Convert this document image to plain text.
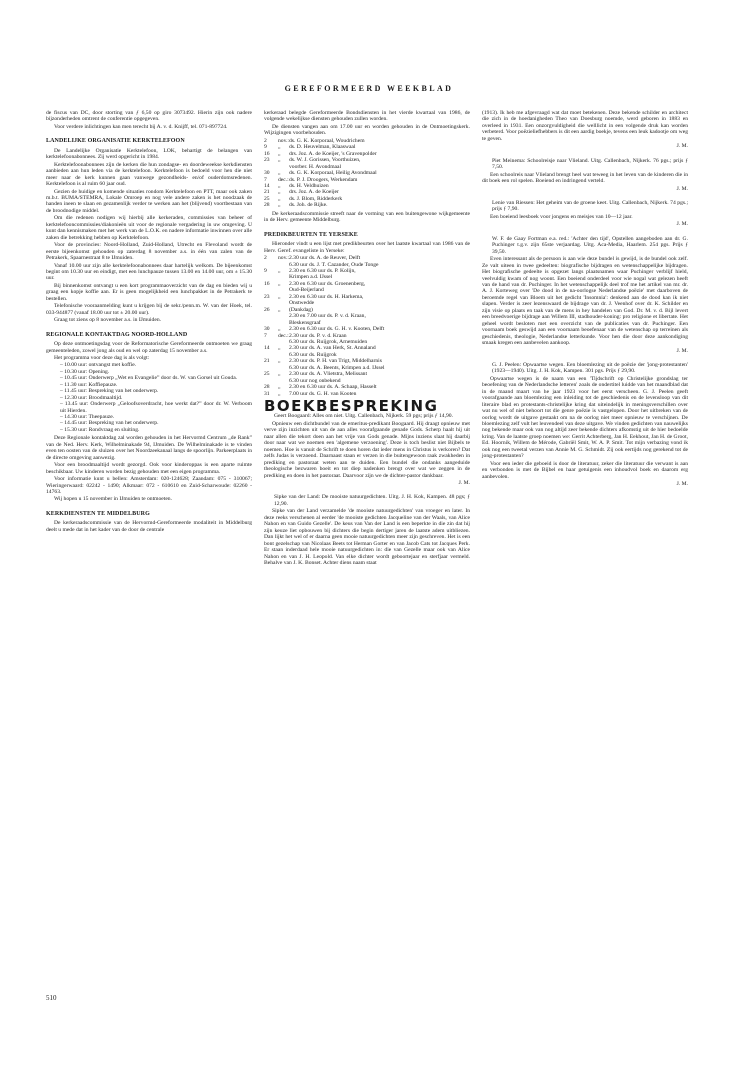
GEREFORMEERD WEEKBLAD

de fiscus van DC, door storting van ƒ 6,50 op giro 3073492. Hierin zijn ook nadere bijzonderheden omtrent de conferentie opgegeven.

Voor verdere inlichtingen kan men terecht bij A. v. d. Knijff, tel. 071-897724.

LANDELIJKE ORGANISATIE KERKTELEFOON

De Landelijke Organisatie Kerktelefoon, LOK, behartigt de belangen van kerktelefoonabonnees. Zij werd opgericht in 1984.

Kerktelefoonabonnees zijn de kerken die hun zondagse- en doordeweekse kerkdiensten aanbieden aan hun leden via de kerktelefoon. Kerktelefoon is bedoeld voor hen die niet meer naar de kerk kunnen gaan vanwege gezondheids- en/of ouderdomsredenen. Kerktelefoon is al ruim 60 jaar oud.

Gezien de huidige en komende situaties rondom Kerktelefoon en PTT, maar ook zaken m.b.t. BUMA/STEMRA, Lokale Omroep en nog vele andere zaken is het noodzaak de handen ineen te slaan en gezamenlijk verder te werken aan het (blijvend) voortbestaan van de broodnodige middel.

Om die redenen nodigen wij hierbij alle kerkeraden, commissies van beheer of kerktelefooncommissies/diakonieën uit voor de regionale vergadering in uw omgeving. U kunt dan kennismaken met het werk van de L.O.K. en nadere informatie inwinnen over alle zaken die betrekking hebben op Kerktelefoon.

Voor de provincies: Noord-Holland, Zuid-Holland, Utrecht en Flevoland wordt de eerste bijeenkomst gehouden op zaterdag 8 november a.s. in één van zalen van de Petrakerk, Spaarnestraat 8 te IJmuiden.

Vanaf 10.00 uur zijn alle kerktelefoonabonnees daar hartelijk welkom. De bijeenkomst begint om 10.30 uur en eindigt, met een lunchpauze tussen 13.00 en 14.00 uur, om ± 15.30 uur.

Bij binnenkomst ontvangt u een kort programmaoverzicht van de dag en bieden wij u graag een kopje koffie aan. Er is geen mogelijkheid een lunchpakket in de Petrakerk te bestellen.

Telefonische vooraanmelding kunt u krijgen bij de sekr./penn.m. W. van der Hoek, tel. 033-944877 (vanaf 18.00 uur tot ± 20.00 uur).

Graag tot ziens op 8 november a.s. in IJmuiden.

REGIONALE KONTAKTDAG NOORD-HOLLAND

Op deze ontmoetingsdag voor de Reformatorische Gereformeerde ontmoeten we graag gemeenteleden, zowel jong als oud en wel op zaterdag 15 november a.s.

Het programma voor deze dag is als volgt:

– 10.00 uur: ontvangst met koffie.
– 10.30 uur: Opening.
– 10.45 uur: Onderwerp „Wet en Evangelie” door ds. W. van Gorsel uit Gouda.
– 11.30 uur: Koffiepauze.
– 11.45 uur: Bespreking van het onderwerp.
– 12.30 uur: Broodmaaltijd.
– 13.45 uur: Onderwerp „Geloofsoverdracht, hoe werkt dat?” door dr. W. Verboom uit Hierden.
– 14.30 uur: Theepauze.
– 14.45 uur: Bespreking van het onderwerp.
– 15.30 uur: Rondvraag en sluiting.

Deze Regionale kontaktdag zal worden gehouden in het Hervormd Centrum „de Rank” van de Ned. Herv. Kerk, Wilhelminakade 94, IJmuiden. De Wilhelminakade is te vinden even ten oosten van de sluizen over het Noordzeekanaal langs de spoorlijn. Parkeerplaats in de directe omgeving aanwezig.

Voor een broodmaaltijd wordt gezorgd. Ook voor kinderoppas is een aparte ruimte beschikbaar. Uw kinderen worden bezig gehouden met een eigen programma.

Voor informatie kunt u bellen: Amsterdam: 020-124628; Zaandam: 075 - 310067; Wieringerwaard: 02242 - 1490; Alkmaar: 072 - 610610 en Zuid-Scharwoude: 02260 - 14763.

Wij hopen u 15 november in IJmuiden te ontmoeten.

KERKDIENSTEN TE MIDDELBURG

De kerkeraadscommissie van de Hervormd-Gereformeerde modaliteit in Middelburg deelt u mede dat in het kader van de door de centrale

kerkeraad belegde Gereformeerde Bondsdiensten in het vierde kwartaal van 1986, de volgende wekelijkse diensten gehouden zullen worden.

De diensten vangen aan om 17.00 uur en worden gehouden in de Ontmoetingskerk. Wijzigingen voorbehouden.

2	nov.:	ds. G. K. Korporaal, Woudrichem
9	„	ds. D. Heuvelman, Klaaswaal
16	„	drs. Joz. A. de Koeijer, 's Gravenpolder
23	„	ds. W. J. Gorissen, Voorthuizen,
		voorber. H. Avondmaal
30	„	ds. G. K. Korporaal, Heilig Avondmaal
7	dec.:	ds. P. J. Droogers, Werkendam
14	„	ds. H. Veldhuizen
21	„	drs. Joz. A. de Koeijer
25	„	ds. J. Blom, Ridderkerk
28	„	ds. Joh. de Rijke.

De kerkeraadscommissie streeft naar de vorming van een buitengewone wijkgemeente in de Herv. gemeente Middelburg.

PREDIKBEURTEN TE YERSEKE

Hieronder vindt u een lijst met predikbeurten over het laatste kwartaal van 1986 van de Herv. Geref. evangeliste in Yerseke:

2	nov.:	2.30 uur ds. A. de Reuver, Delft
		6.30 uur ds. J. T. Cazander, Oude Tonge
9	„	2.30 en 6.30 uur ds. P. Kolijn,
		Krimpen a.d. IJssel
16	„	2.30 en 6.30 uur ds. Groenenberg,
		Oud-Beijerland
23	„	2.30 en 6.30 uur ds. H. Harkema,
		Onstwedde
26	„	(Dankdag)
		2.30 en 7.00 uur ds. P. v. d. Kraan,
		Bleskensgraaf
30	„	2.30 en 6.30 uur ds. G. H. v. Kooten, Delft
7	dec.:	2.30 uur ds. P. v. d. Kraan
		6.30 uur ds. Ruijgrok, Arnemuiden
14	„	2.30 uur ds. A. van Herk, St. Annaland
		6.30 uur ds. Ruijgrok
21	„	2.30 uur ds. P. H. van Trigt, Middelharnis
		6.30 uur ds. A. Beents, Krimpen a.d. IJssel
25	„	2.30 uur ds. A. Vlietstra, Melissant
		6.30 uur nog onbekend
28	„	2.30 en 6.30 uur ds. A. Schaap, Hasselt
31	„	7.00 uur ds. G. H. van Kooten
BOEKBESPREKING

Geert Boogaard: Alles om niet. Uitg. Callenbach, Nijkerk. 59 pgs; prijs ƒ 14,90.

Opnieuw een dichtbundel van de emeritus-predikant Boogaard. Hij draagt opnieuw met verve zijn inzichten uit van de aan alles voorafgaande genade Gods. Scherp haalt hij uit naar allen die tekort doen aan het vrije van Gods genade. Mijns inziens slaat hij daarbij door naar wat we noemen een 'algemene verzoening'. Deze is toch beslist niet Bijbels te noemen. Hoe is vanuit de Schrift te doen horen dat ieder mens in Christus is verkoren? Dat zelfs Judas is verzoend. Daarnaast staan er verzen in die buitengewoon raak zwakheden in prediking en pastoraat weten aan te duiden. Een bundel die ondanks aangeduide theologische bezwaren boeit en tot diep nadenken brengt over wat we zeggen in de prediking en doen in het pastoraat. Daarvoor zijn we de dichter-pastor dankbaar.

J. M.

Sipke van der Land: De mooiste natuurgedichten. Uitg. J. H. Kok, Kampen. 48 pgs; ƒ 12,90.

Sipke van der Land verzamelde 'de mooiste natuurgedichten' van vroeger en later. In deze reeks verschenen al eerder 'de mooiste gedichten Jacqueline van der Waals, van Alice Nahon en van Guido Gezelle'. De keus van Van der Land is een beperkte in die zin dat hij zijn keuze liet opbouwen bij dichters die begin dertiger jaren de laatste adem uitbliezen. Dan lijkt het wel of er daarna geen mooie natuurgedichten meer zijn geschreven. Het is een bont gezelschap van Nicolaas Beets tot Herman Gorter en van Jacob Cats tot Jacques Perk. Er staan inderdaad hele mooie natuurgedichten in: die van Gezelle maar ook van Alice Nahon en van J. H. Leopold. Van elke dichter wordt geboortejaar en sterfjaar vermeld. Behalve van J. K. Bonset. Achter diens naam staat

(1913). Ik heb me afgevraagd wat dat moet betekenen. Deze bekende schilder en architect die zich in de hoedanigheden Theo van Doesburg noemde, werd geboren in 1883 en overleed in 1931. Een onzorgvuldigheid die welllicht in een volgende druk kan worden verbeterd. Voor poëzieliefhebbers is dit een aardig boekje, tevens een leuk kadootje om weg te geven.

J. M.

Piet Meinema: Schoolreisje naar Vlieland. Uitg. Callenbach, Nijkerk. 76 pgs.; prijs ƒ 7,50.

Een schoolreis naar Vlieland brengt heel wat teweeg in het leven van de kinderen die in dit boek een rol spelen. Boeiend en indringend verteld.

J. M.

Lenie van Riessen: Het geheim van de groene keet. Uitg. Callenbach, Nijkerk. 74 pgs.; prijs ƒ 7,90.

Een boeiend leesboek voor jongens en meisjes van 10—12 jaar.

J. M.

W. F. de Gaay Fortman e.a. red.: 'Achter den tijd', Opstellen aangeboden aan dr. G. Puchinger t.g.v. zijn 65ste verjaardag. Uitg. Aca-Media, Haarlem. 254 pgs. Prijs ƒ 39,50.

Even interessant als de persoon is aan wie deze bundel is gewijd, is de bundel ook zelf. Ze valt uiteen in twee gedeelten: biografische bijdragen en wetenschappelijke bijdragen. Het biografische gedeelte is opgezet langs plaatsnamen waar Puchinger verblijf hield, veelvuldig kwam of nog woont. Een boeiend onderdeel voor wie nogal wat gelezen heeft van de hand van dr. Puchinger. In het wetenschappelijk deel trof me het artikel van mr. dr. A. J. Korteweg over 'De dood in de na-oorlogse Nederlandse poëzie' met daarboven de beroemde regel van Bloem uit het gedicht 'Insomnia': denkend aan de dood kan ik niet slapen. Verder is zeer lezenswaard de bijdrage van dr. J. Veenhof over dr. K. Schilder en zijn visie op plaats en taak van de mens in hey handelen van God. Dr. M. v. d. Bijl levert een breedvoerige bijdrage aan Willem III, stadhouder-koning: pro religione et libertate. Het geheel wordt besloten met een overzicht van de publicaties van dr. Puchinger. Een voornaam boek geswijd aan een voornaam beoefenaar van de wetenschap op terreinen als geschiedenis, theologie, Nederlandse letterkunde. Voor hen die door deze aankondiging smaak kregen een aanbevelen aankoop.

J. M.

G. J. Peelen: Opwaartse wegen. Een bloemlezing uit de poëzie der 'jong-protestanten' (1923—1940). Uitg. J. H. Kok, Kampen. 301 pgs. Prijs ƒ 29,90.

Opwaartse wegen is de naam van een 'Tijdschrift op Christelijke grondslag ter beoefening van de Nederlandsche letteren' zoals de ondertitel luidde van het maandblad dat in de maand maart van he jaar 1923 voor het eerst verscheen. G. J. Peelen geeft voorafgaande aan bloemlezing een inleiding tot de geschiedenis en de levensloop van dit literaire blad en protestants-christelijke kring dat uiteindelijk in meningsverschillen over wat nu wel of niet behoort tot die genre poëzie is vastgelopen. Door het uitbreken van de oorlog wordt de uitgave gestaakt om na de oorlog niet meer opnieuw te verschijnen. De bloemlezing zelf vult het leuvendeel van deze uitgave. We vinden gedichten van nauwelijks nog bekende maar ook van nog altijd zeer bekende dichters afkomstig uit de hier bedoelde kring. Van de laatste groep noemen we: Gerrit Achterberg, Jan H. Eekhout, Jan H. de Groot, Ed. Hoornik, Willem de Mérode, Gabriël Smit, W. A. P. Smit. Tot mijn verbazing vond ik ook nog een tweetal verzen van Annie M. G. Schmidt. Zij ook eertijds nog gerekend tot de jong-protestanten?

Voor een ieder die geboeid is door de literatuur, zeker die literatuur die verwant is aan en verbonden is met de Bijbel en haar getuigenis een inhoudvol boek en daarom erg aanbevolen.

J. M.

510
